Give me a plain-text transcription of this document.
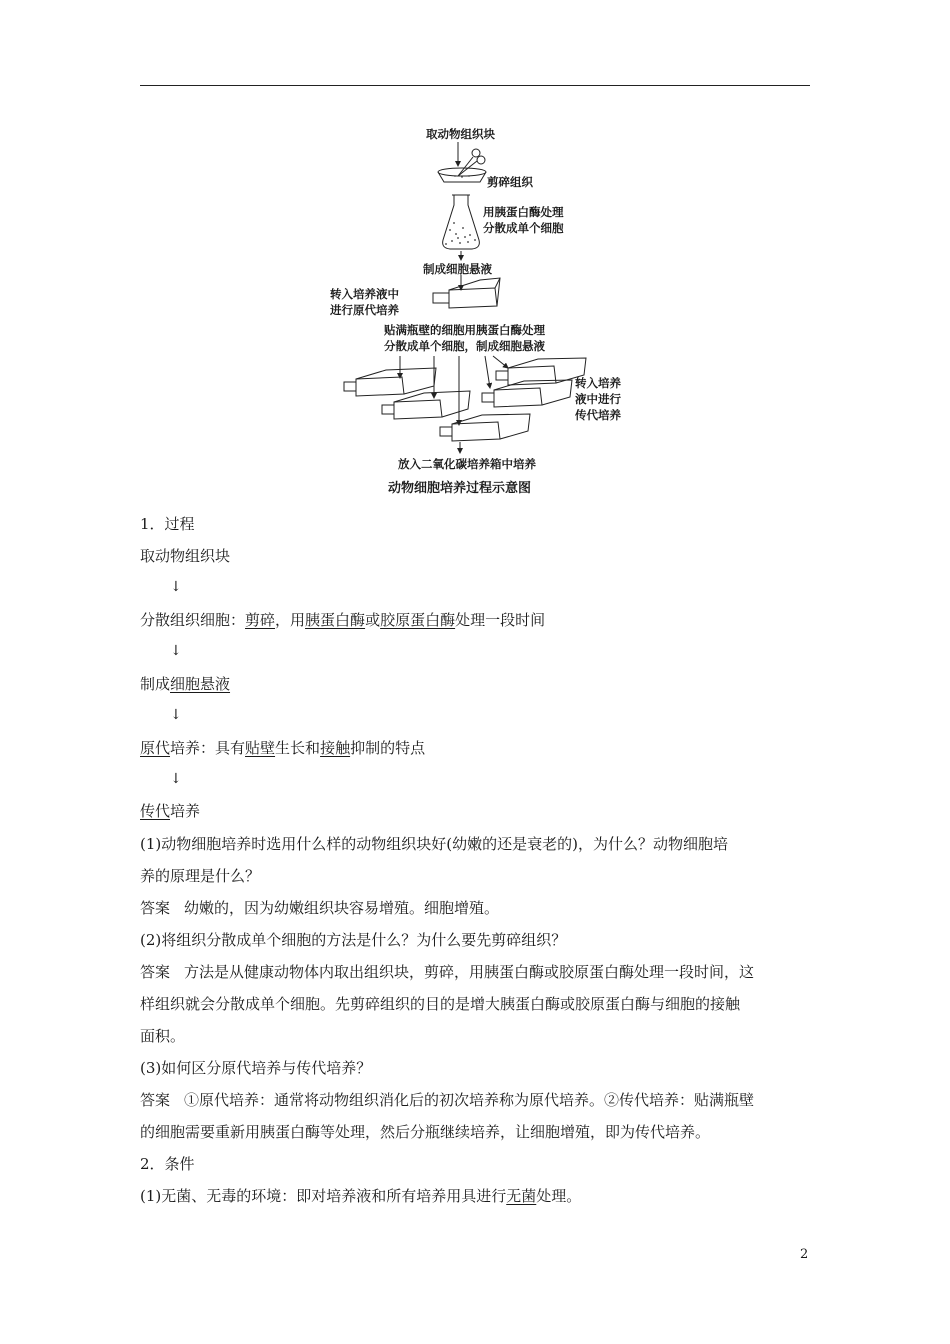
取动物组织块
剪碎组织
用胰蛋白酶处理
分散成单个细胞
制成细胞悬液
转入培养液中
进行原代培养
贴满瓶壁的细胞用胰蛋白酶处理
分散成单个细胞，制成细胞悬液
转入培养
液中进行
传代培养
放入二氧化碳培养箱中培养
动物细胞培养过程示意图
1．过程
取动物组织块
↓
分散组织细胞：剪碎，用胰蛋白酶或胶原蛋白酶处理一段时间
↓
制成细胞悬液
↓
原代培养：具有贴壁生长和接触抑制的特点
↓
传代培养
(1)动物细胞培养时选用什么样的动物组织块好(幼嫩的还是衰老的)，为什么？动物细胞培
养的原理是什么？
答案 幼嫩的，因为幼嫩组织块容易增殖。细胞增殖。
(2)将组织分散成单个细胞的方法是什么？为什么要先剪碎组织？
答案 方法是从健康动物体内取出组织块，剪碎，用胰蛋白酶或胶原蛋白酶处理一段时间，这
样组织就会分散成单个细胞。先剪碎组织的目的是增大胰蛋白酶或胶原蛋白酶与细胞的接触
面积。
(3)如何区分原代培养与传代培养？
答案 ①原代培养：通常将动物组织消化后的初次培养称为原代培养。②传代培养：贴满瓶壁
的细胞需要重新用胰蛋白酶等处理，然后分瓶继续培养，让细胞增殖，即为传代培养。
2．条件
(1)无菌、无毒的环境：即对培养液和所有培养用具进行无菌处理。
2
